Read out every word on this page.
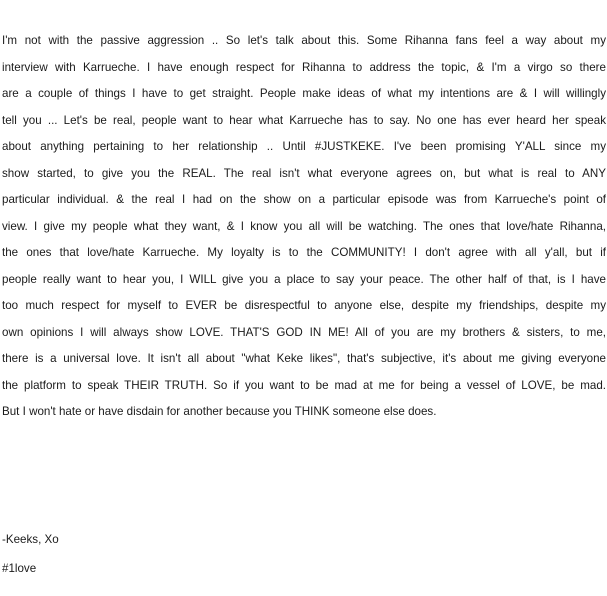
I'm not with the passive aggression .. So let's talk about this. Some Rihanna fans feel a way about my
interview with Karrueche. I have enough respect for Rihanna to address the topic, & I'm a virgo so there
are a couple of things I have to get straight. People make ideas of what my intentions are & I will willingly
tell you ... Let's be real, people want to hear what Karrueche has to say. No one has ever heard her speak
about anything pertaining to her relationship .. Until #JUSTKEKE. I've been promising Y'ALL since my
show started, to give you the REAL. The real isn't what everyone agrees on, but what is real to ANY
particular individual. & the real I had on the show on a particular episode was from Karrueche's point of
view. I give my people what they want, & I know you all will be watching. The ones that love/hate Rihanna,
the ones that love/hate Karrueche. My loyalty is to the COMMUNITY! I don't agree with all y'all, but if
people really want to hear you, I WILL give you a place to say your peace. The other half of that, is I have
too much respect for myself to EVER be disrespectful to anyone else, despite my friendships, despite my
own opinions I will always show LOVE. THAT'S GOD IN ME! All of you are my brothers & sisters, to me,
there is a universal love. It isn't all about "what Keke likes", that's subjective, it's about me giving everyone
the platform to speak THEIR TRUTH. So if you want to be mad at me for being a vessel of LOVE, be mad.
But I won't hate or have disdain for another because you THINK someone else does.
-Keeks, Xo
#1love
